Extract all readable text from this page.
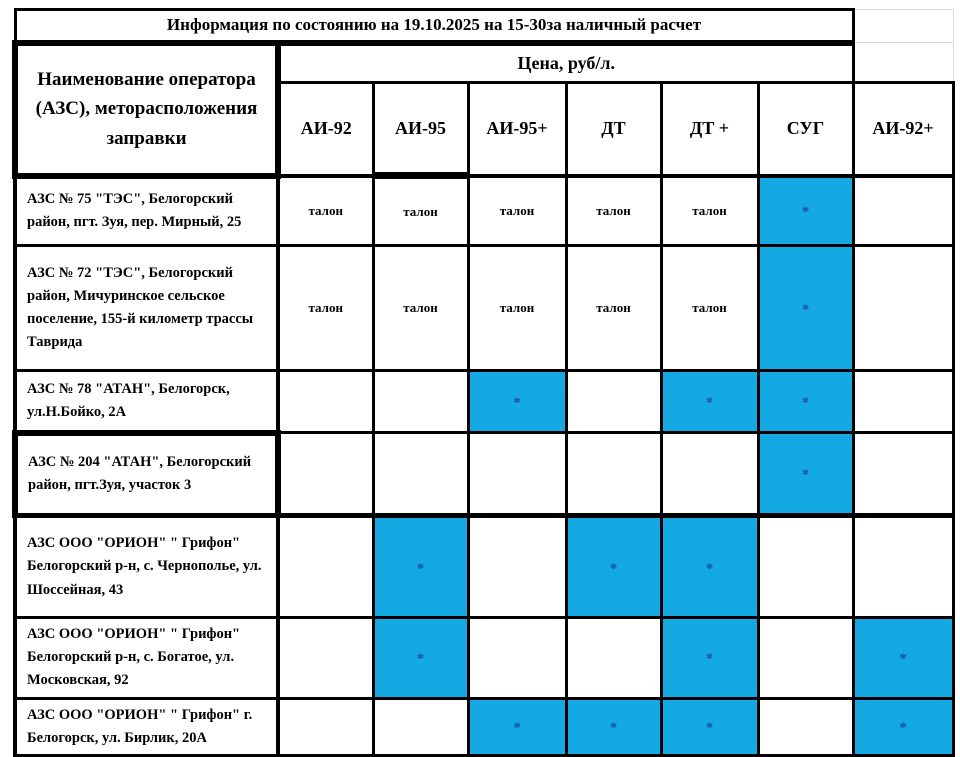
Информация по состоянию на 19.10.2025 на 15-30за наличный расчет							
Наименование оператора (АЗС), меторасположения заправки	Цена, руб/л.						
	АИ-92	АИ-95	АИ-95+	ДТ	ДТ +	СУГ	АИ-92+
АЗС № 75 "ТЭС", Белогорский район, пгт. Зуя, пер. Мирный, 25	талон	талон	талон	талон	талон	*	
АЗС № 72 "ТЭС", Белогорский район, Мичуринское сельское поселение, 155-й километр трассы Таврида	талон	талон	талон	талон	талон	*	
АЗС № 78 "АТАН", Белогорск, ул.Н.Бойко, 2А			*		*	*	
АЗС № 204 "АТАН", Белогорский район, пгт.Зуя, участок 3						*	
АЗС ООО "ОРИОН" " Грифон" Белогорский р-н, с. Чернополье, ул. Шоссейная, 43		*		*	*		
АЗС ООО "ОРИОН" " Грифон" Белогорский р-н, с. Богатое, ул. Московская, 92		*			*		*
АЗС ООО "ОРИОН" " Грифон" г. Белогорск, ул. Бирлик, 20А			*	*	*		*
